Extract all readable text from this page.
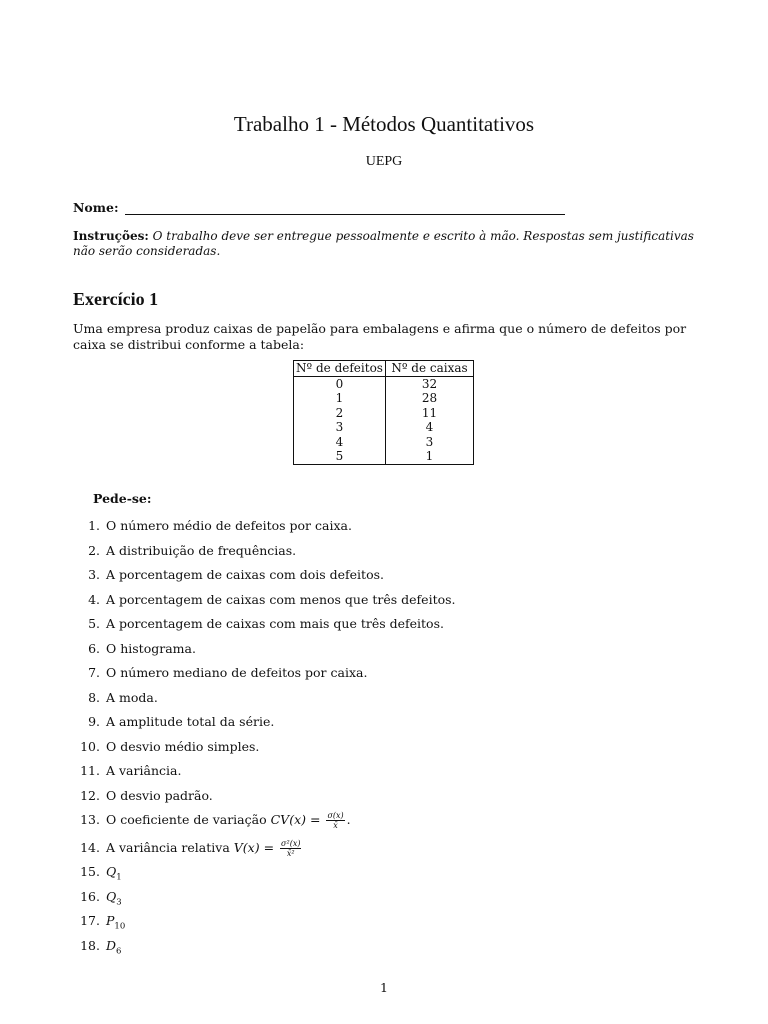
Trabalho 1 - Métodos Quantitativos
UEPG
Nome:
Instruções: O trabalho deve ser entregue pessoalmente e escrito à mão. Respostas sem justificativas não serão consideradas.
Exercício 1
Uma empresa produz caixas de papelão para embalagens e afirma que o número de defeitos por caixa se distribui conforme a tabela:
Nº de defeitos	Nº de caixas
0	32
1	28
2	11
3	4
4	3
5	1
Pede-se:
1. O número médio de defeitos por caixa.
2. A distribuição de frequências.
3. A porcentagem de caixas com dois defeitos.
4. A porcentagem de caixas com menos que três defeitos.
5. A porcentagem de caixas com mais que três defeitos.
6. O histograma.
7. O número mediano de defeitos por caixa.
8. A moda.
9. A amplitude total da série.
10. O desvio médio simples.
11. A variância.
12. O desvio padrão.
13. O coeficiente de variação $CV(x) = \frac{\sigma(x)}{x̄}$ .
14. A variância relativa $V(x) = \frac{\text{σ²(x)}}{\text{x̄²}}$
15. $Q_1$
16. $Q_3$
17. $P_{10}$
18. $D_6$
1
